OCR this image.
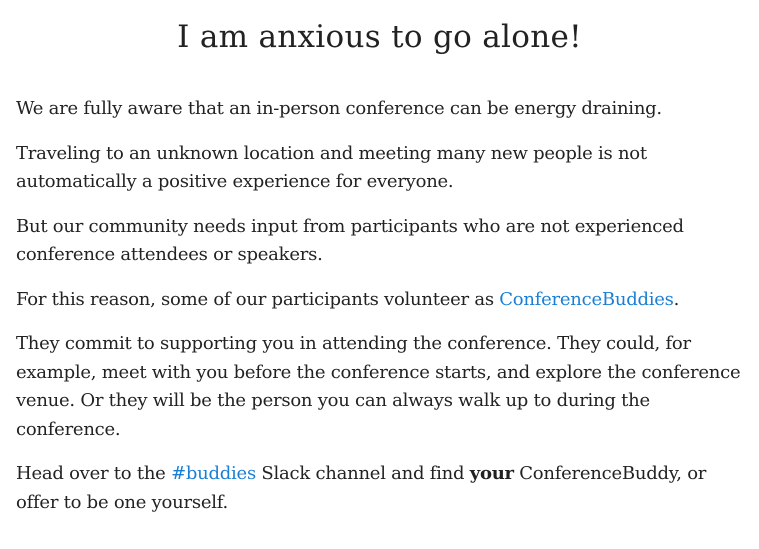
I am anxious to go alone!

We are fully aware that an in-person conference can be energy draining.

Traveling to an unknown location and meeting many new people is not automatically a positive experience for everyone.

But our community needs input from participants who are not experienced conference attendees or speakers.

For this reason, some of our participants volunteer as ConferenceBuddies.

They commit to supporting you in attending the conference. They could, for example, meet with you before the conference starts, and explore the conference venue. Or they will be the person you can always walk up to during the conference.

Head over to the #buddies Slack channel and find your ConferenceBuddy, or offer to be one yourself.
